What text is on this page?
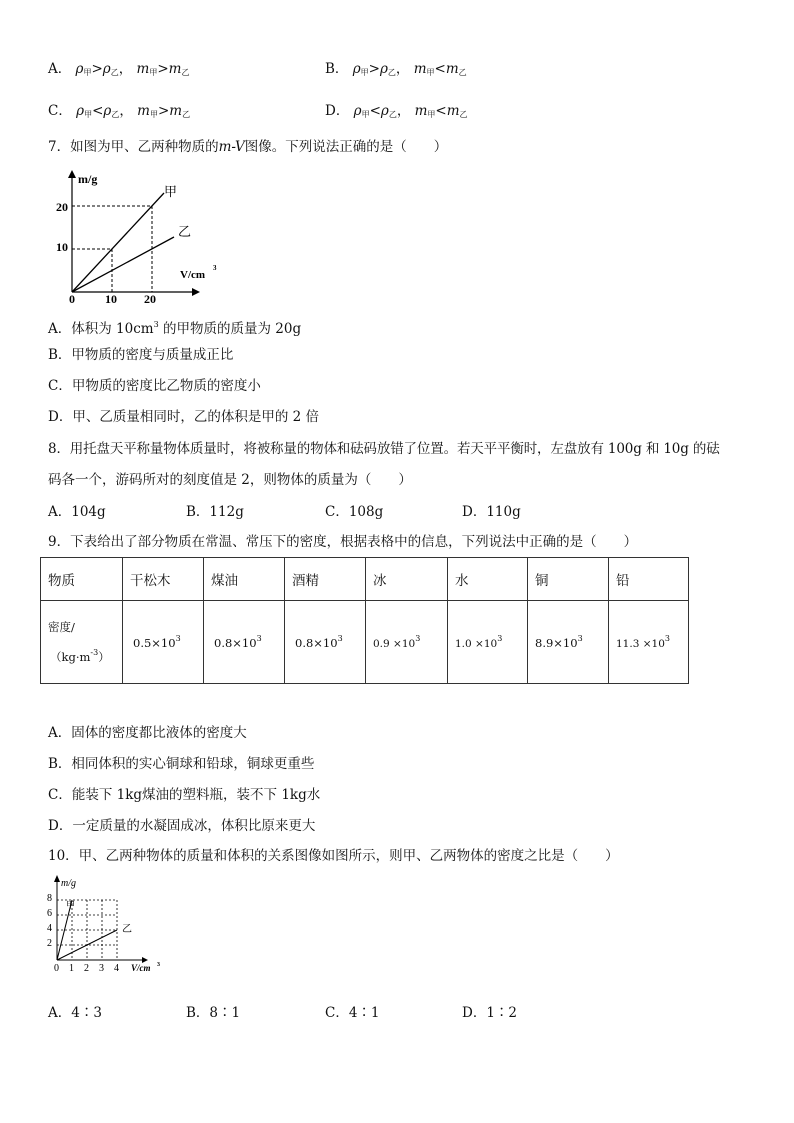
A． $\rho_甲>\rho_乙$， $m_甲>m_乙$	B． $\rho_甲>\rho_乙$， $m_甲<m_乙$
C． $\rho_甲<\rho_乙$， $m_甲>m_乙$	D． $\rho_甲<\rho_乙$， $m_甲<m_乙$
7．如图为甲、乙两种物质的m-V图像。下列说法正确的是（　　）
m/g
V/cm
3
20
10
0	10 20
甲
乙
A．体积为 $10cm^3$ 的甲物质的质量为 20g
B．甲物质的密度与质量成正比
C．甲物质的密度比乙物质的密度小
D．甲、乙质量相同时，乙的体积是甲的 2 倍
8．用托盘天平称量物体质量时，将被称量的物体和砝码放错了位置。若天平平衡时，左盘放有 100g 和 10g 的砝
码各一个，游码所对的刻度值是 2，则物体的质量为（　　）
A．104g	B．112g	C．108g	D．110g
9．下表给出了部分物质在常温、常压下的密度，根据表格中的信息，下列说法中正确的是（　　）
物质	干松木	煤油	酒精	冰	水	铜	铅

密度/
$(kg\cdot m^{-3})$	$0.5\times 10^3$	$0.8\times 10^3$	$0.8\times 10^3$	$0.9 \times 10^3$	$1.0 \times 10^3$	$8.9\times 10^3$	$11.3 \times 10^3$
A．固体的密度都比液体的密度大
B．相同体积的实心铜球和铅球，铜球更重些
C．能装下 1kg煤油的塑料瓶，装不下 1kg水
D．一定质量的水凝固成冰，体积比原来更大
10．甲、乙两种物体的质量和体积的关系图像如图所示，则甲、乙两物体的密度之比是（　　）
m/g
V/cm 3
8
6
4
2
0 1 2 3 4
甲
乙
A．4∶3	B．8∶1	C．4∶1	D．1∶2
